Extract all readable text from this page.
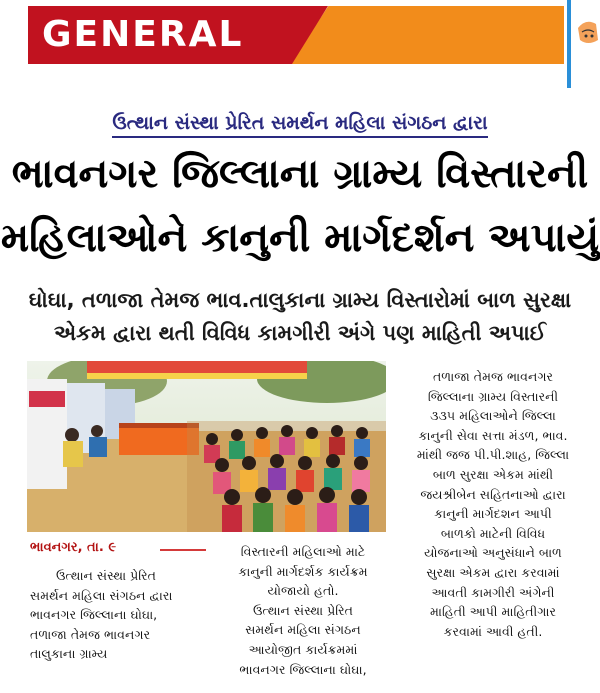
GENERAL
ઉત્થાન સંસ્થા પ્રેરિત સમર્થન મહિલા સંગઠન દ્વારા
ભાવનગર જિલ્લાના ગ્રામ્ય વિસ્તારની
મહિલાઓને કાનુની માર્ગદર્શન અપાયું
ઘોઘા, તળાજા તેમજ ભાવ.તાલુકાના ગ્રામ્ય વિસ્તારોમાં બાળ સુરક્ષા
એકમ દ્વારા થતી વિવિધ કામગીરી અંગે પણ માહિતી અપાઈ
તળાજા તેમજ ભાવનગર
જિલ્લાના ગ્રામ્ય વિસ્તારની
૩૩૫ મહિલાઓને જિલ્લા
કાનુની સેવા સત્તા મંડળ, ભાવ.
માંથી જજ પી.પી.શાહ, જિલ્લા
બાળ સુરક્ષા એકમ માંથી
જયશ્રીબેન સહિતનાઓ દ્વારા
કાનુની માર્ગદશન આપી
બાળકો માટેની વિવિધ
યોજનાઓ અનુસંધાને બાળ
સુરક્ષા એકમ દ્વારા કરવામાં
આવતી કામગીરી અંગેની
માહિતી આપી માહિતીગાર
કરવામાં આવી હતી.
ભાવનગર, તા. ૯
ઉત્થાન સંસ્થા પ્રેરિત
સમર્થન મહિલા સંગઠન દ્વારા
ભાવનગર જિલ્લાના ઘોઘા,
તળાજા તેમજ ભાવનગર
તાલુકાના ગ્રામ્ય
વિસ્તારની મહિલાઓ માટે
કાનુની માર્ગદર્શક કાર્યક્રમ
યોજાયો હતો.
ઉત્થાન સંસ્થા પ્રેરિત
સમર્થન મહિલા સંગઠન
આયોજીત કાર્યક્રમમાં
ભાવનગર જિલ્લાના ઘોઘા,
